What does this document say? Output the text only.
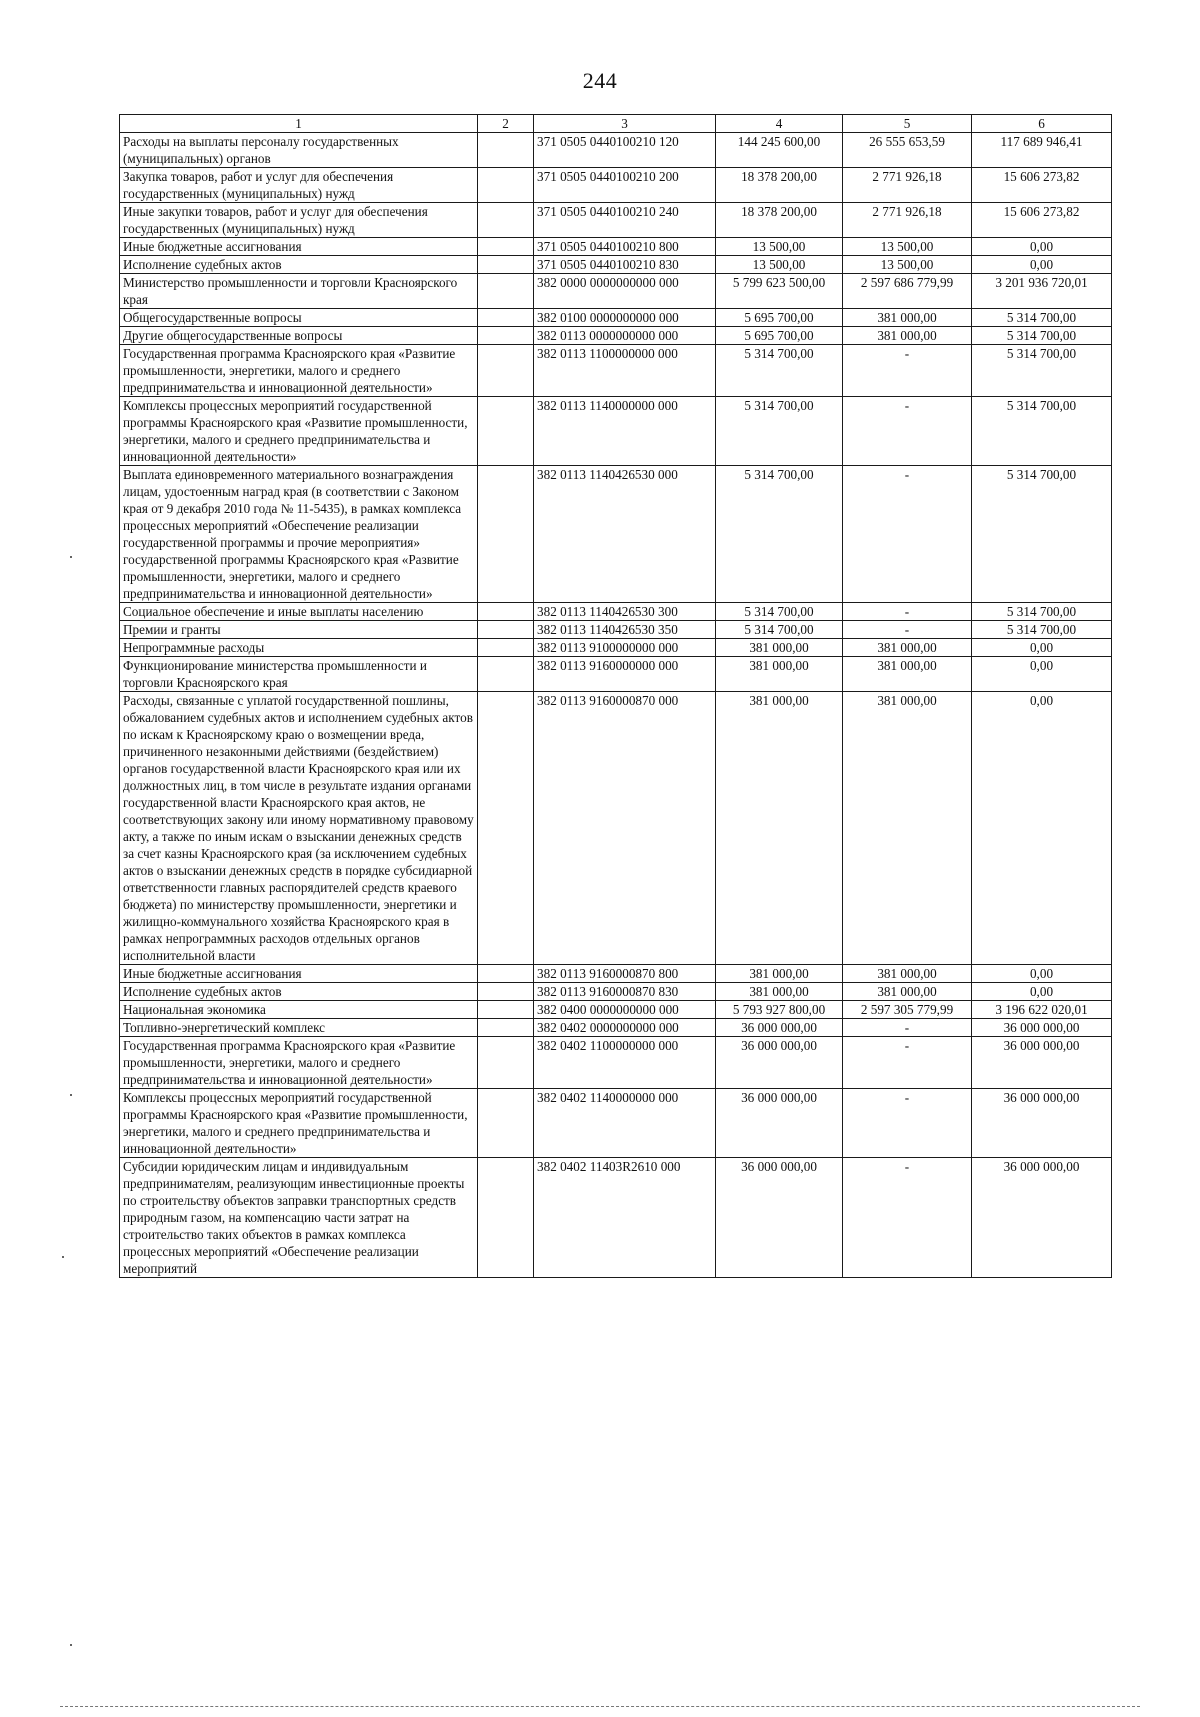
244
1	2	3	4	5	6
Расходы на выплаты персоналу государственных (муниципальных) органов		371 0505 0440100210 120	144 245 600,00	26 555 653,59	117 689 946,41
Закупка товаров, работ и услуг для обеспечения государственных (муниципальных) нужд		371 0505 0440100210 200	18 378 200,00	2 771 926,18	15 606 273,82
Иные закупки товаров, работ и услуг для обеспечения государственных (муниципальных) нужд		371 0505 0440100210 240	18 378 200,00	2 771 926,18	15 606 273,82
Иные бюджетные ассигнования		371 0505 0440100210 800	13 500,00	13 500,00	0,00
Исполнение судебных актов		371 0505 0440100210 830	13 500,00	13 500,00	0,00
Министерство промышленности и торговли Красноярского края		382 0000 0000000000 000	5 799 623 500,00	2 597 686 779,99	3 201 936 720,01
Общегосударственные вопросы		382 0100 0000000000 000	5 695 700,00	381 000,00	5 314 700,00
Другие общегосударственные вопросы		382 0113 0000000000 000	5 695 700,00	381 000,00	5 314 700,00
Государственная программа Красноярского края «Развитие промышленности, энергетики, малого и среднего предпринимательства и инновационной деятельности»		382 0113 1100000000 000	5 314 700,00	-	5 314 700,00
Комплексы процессных мероприятий государственной программы Красноярского края «Развитие промышленности, энергетики, малого и среднего предпринимательства и инновационной деятельности»		382 0113 1140000000 000	5 314 700,00	-	5 314 700,00
Выплата единовременного материального вознаграждения лицам, удостоенным наград края (в соответствии с Законом края от 9 декабря 2010 года № 11-5435), в рамках комплекса процессных мероприятий «Обеспечение реализации государственной программы и прочие мероприятия» государственной программы Красноярского края «Развитие промышленности, энергетики, малого и среднего предпринимательства и инновационной деятельности»		382 0113 1140426530 000	5 314 700,00	-	5 314 700,00
Социальное обеспечение и иные выплаты населению		382 0113 1140426530 300	5 314 700,00	-	5 314 700,00
Премии и гранты		382 0113 1140426530 350	5 314 700,00	-	5 314 700,00
Непрограммные расходы		382 0113 9100000000 000	381 000,00	381 000,00	0,00
Функционирование министерства промышленности и торговли Красноярского края		382 0113 9160000000 000	381 000,00	381 000,00	0,00
Расходы, связанные с уплатой государственной пошлины, обжалованием судебных актов и исполнением судебных актов по искам к Красноярскому краю о возмещении вреда, причиненного незаконными действиями (бездействием) органов государственной власти Красноярского края или их должностных лиц, в том числе в результате издания органами государственной власти Красноярского края актов, не соответствующих закону или иному нормативному правовому акту, а также по иным искам о взыскании денежных средств за счет казны Красноярского края (за исключением судебных актов о взыскании денежных средств в порядке субсидиарной ответственности главных распорядителей средств краевого бюджета) по министерству промышленности, энергетики и жилищно-коммунального хозяйства Красноярского края в рамках непрограммных расходов отдельных органов исполнительной власти		382 0113 9160000870 000	381 000,00	381 000,00	0,00
Иные бюджетные ассигнования		382 0113 9160000870 800	381 000,00	381 000,00	0,00
Исполнение судебных актов		382 0113 9160000870 830	381 000,00	381 000,00	0,00
Национальная экономика		382 0400 0000000000 000	5 793 927 800,00	2 597 305 779,99	3 196 622 020,01
Топливно-энергетический комплекс		382 0402 0000000000 000	36 000 000,00	-	36 000 000,00
Государственная программа Красноярского края «Развитие промышленности, энергетики, малого и среднего предпринимательства и инновационной деятельности»		382 0402 1100000000 000	36 000 000,00	-	36 000 000,00
Комплексы процессных мероприятий государственной программы Красноярского края «Развитие промышленности, энергетики, малого и среднего предпринимательства и инновационной деятельности»		382 0402 1140000000 000	36 000 000,00	-	36 000 000,00
Субсидии юридическим лицам и индивидуальным предпринимателям, реализующим инвестиционные проекты по строительству объектов заправки транспортных средств природным газом, на компенсацию части затрат на строительство таких объектов в рамках комплекса процессных мероприятий «Обеспечение реализации мероприятий		382 0402 11403R2610 000	36 000 000,00	-	36 000 000,00
